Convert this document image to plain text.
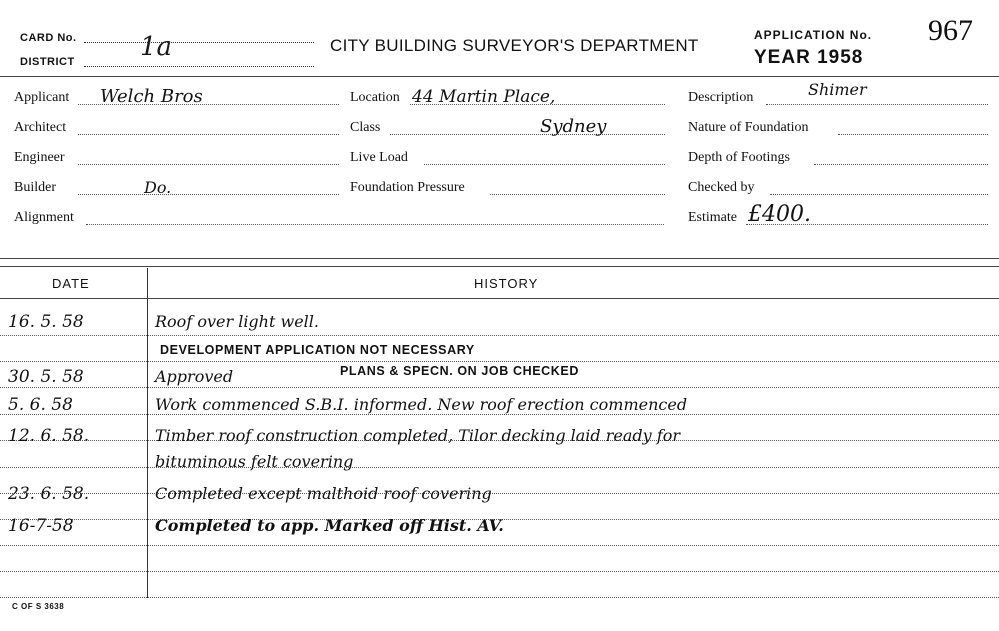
CARD No.
DISTRICT	1a	CITY BUILDING SURVEYOR'S DEPARTMENT
APPLICATION No. 967
YEAR 1958
Applicant Welch Bros
Architect
Engineer
Builder	Do.
Alignment
Location 44 Martin Place,
Class	Sydney
Live Load
Foundation Pressure
Description	Shimer
Nature of Foundation
Depth of Footings
Checked by
Estimate £400.
DATE	HISTORY
16. 5. 58	Roof over light well.
DEVELOPMENT APPLICATION NOT NECESSARY
30. 5. 58	Approved	PLANS & SPECN. ON JOB CHECKED
5. 6. 58	Work commenced S.B.I. informed. New roof erection commenced
12. 6. 58.	Timber roof construction completed, Tilor decking laid ready for
bituminous felt covering
23. 6. 58.	Completed except malthoid roof covering
16-7-58	Completed to app. Marked off Hist. AV.
C OF S 3638
